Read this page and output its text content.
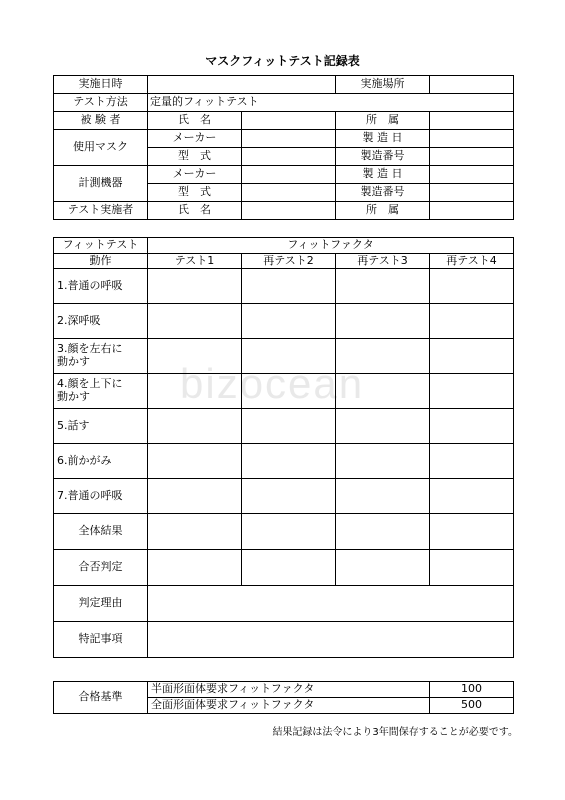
bizocean
マスクフィットテスト記録表
実施日時			実施場所	
テスト方法	定量的フィットテスト			
被 験 者	氏　名		所　属	
使用マスク	メーカー		製 造 日	
	型　式		製造番号	
計測機器	メーカー		製 造 日	
	型　式		製造番号	
テスト実施者	氏　名		所　属	
フィットテスト	フィットファクタ			
動作	テスト1	再テスト2	再テスト3	再テスト4
1.普通の呼吸				
2.深呼吸				
3.顔を左右に
動かす				
4.顔を上下に
動かす				
5.話す				
6.前かがみ				
7.普通の呼吸				
全体結果				
合否判定				
判定理由				
特記事項				
合格基準	半面形面体要求フィットファクタ	100
	全面形面体要求フィットファクタ	500
結果記録は法令により3年間保存することが必要です。
